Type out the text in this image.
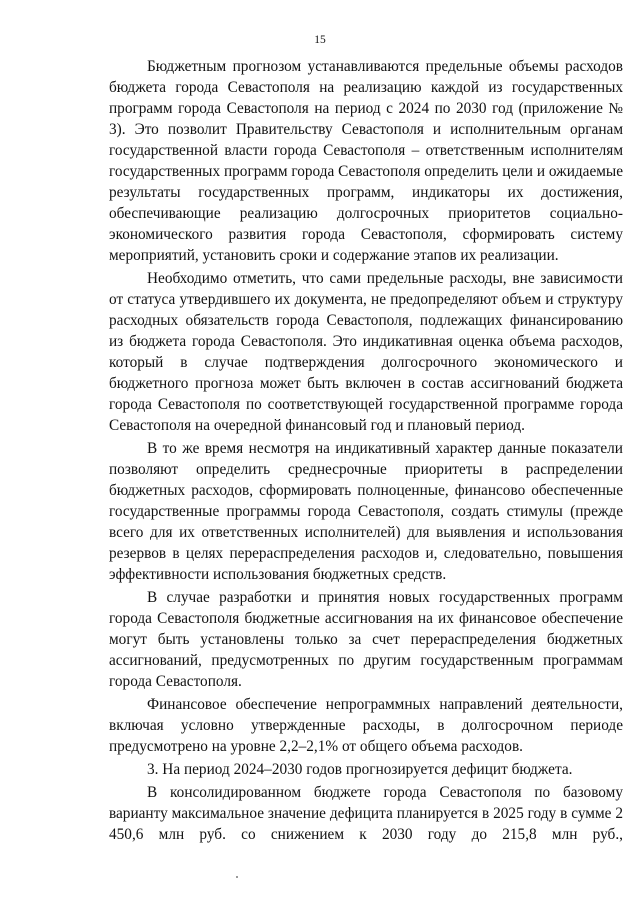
15

Бюджетным прогнозом устанавливаются предельные объемы расходов бюджета города Севастополя на реализацию каждой из государственных программ города Севастополя на период с 2024 по 2030 год (приложение № 3). Это позволит Правительству Севастополя и исполнительным органам государственной власти города Севастополя – ответственным исполнителям государственных программ города Севастополя определить цели и ожидаемые результаты государственных программ, индикаторы их достижения, обеспечивающие реализацию долгосрочных приоритетов социально-экономического развития города Севастополя, сформировать систему мероприятий, установить сроки и содержание этапов их реализации.

Необходимо отметить, что сами предельные расходы, вне зависимости от статуса утвердившего их документа, не предопределяют объем и структуру расходных обязательств города Севастополя, подлежащих финансированию из бюджета города Севастополя. Это индикативная оценка объема расходов, который в случае подтверждения долгосрочного экономического и бюджетного прогноза может быть включен в состав ассигнований бюджета города Севастополя по соответствующей государственной программе города Севастополя на очередной финансовый год и плановый период.

В то же время несмотря на индикативный характер данные показатели позволяют определить среднесрочные приоритеты в распределении бюджетных расходов, сформировать полноценные, финансово обеспеченные государственные программы города Севастополя, создать стимулы (прежде всего для их ответственных исполнителей) для выявления и использования резервов в целях перераспределения расходов и, следовательно, повышения эффективности использования бюджетных средств.

В случае разработки и принятия новых государственных программ города Севастополя бюджетные ассигнования на их финансовое обеспечение могут быть установлены только за счет перераспределения бюджетных ассигнований, предусмотренных по другим государственным программам города Севастополя.

Финансовое обеспечение непрограммных направлений деятельности, включая условно утвержденные расходы, в долгосрочном периоде предусмотрено на уровне 2,2–2,1% от общего объема расходов.

3. На период 2024–2030 годов прогнозируется дефицит бюджета.

В консолидированном бюджете города Севастополя по базовому варианту максимальное значение дефицита планируется в 2025 году в сумме 2 450,6 млн руб. со снижением к 2030 году до 215,8 млн руб.,
